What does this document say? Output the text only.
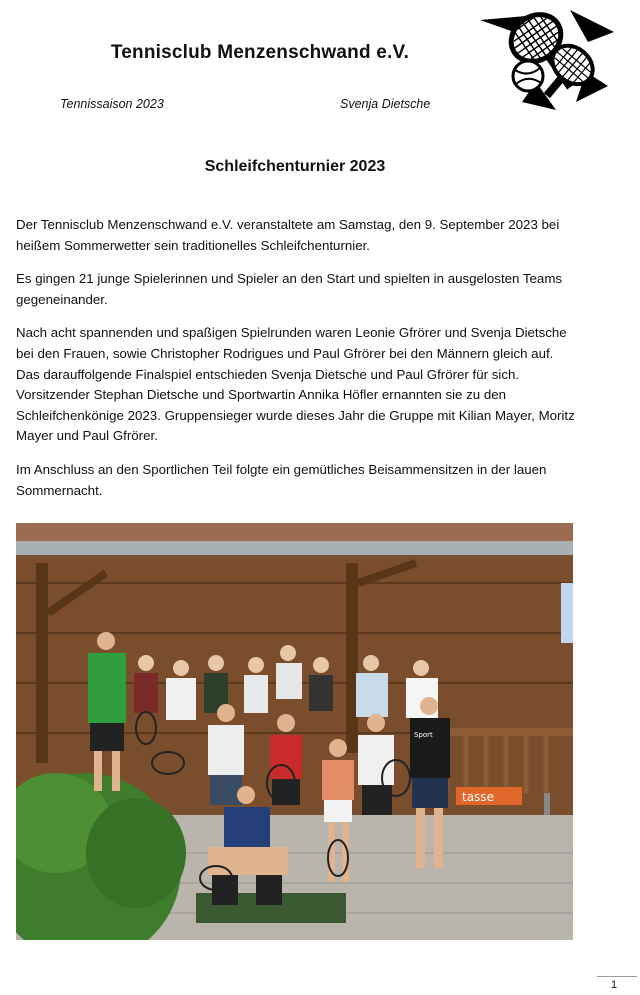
Tennisclub Menzenschwand e.V.
Tennissaison 2023	Svenja Dietsche
Schleifchenturnier 2023

Der Tennisclub Menzenschwand e.V. veranstaltete am Samstag, den 9. September 2023 bei heißem Sommerwetter sein traditionelles Schleifchenturnier.

Es gingen 21 junge Spielerinnen und Spieler an den Start und spielten in ausgelosten Teams gegeneinander.

Nach acht spannenden und spaßigen Spielrunden waren Leonie Gfrörer und Svenja Dietsche bei den Frauen, sowie Christopher Rodrigues und Paul Gfrörer bei den Männern gleich auf. Das darauffolgende Finalspiel entschieden Svenja Dietsche und Paul Gfrörer für sich. Vorsitzender Stephan Dietsche und Sportwartin Annika Höfler ernannten sie zu den Schleifchenkönige 2023. Gruppensieger wurde dieses Jahr die Gruppe mit Kilian Mayer, Moritz Mayer und Paul Gfrörer.

Im Anschluss an den Sportlichen Teil folgte ein gemütliches Beisammensitzen in der lauen Sommernacht.

tasse
Sport
1
